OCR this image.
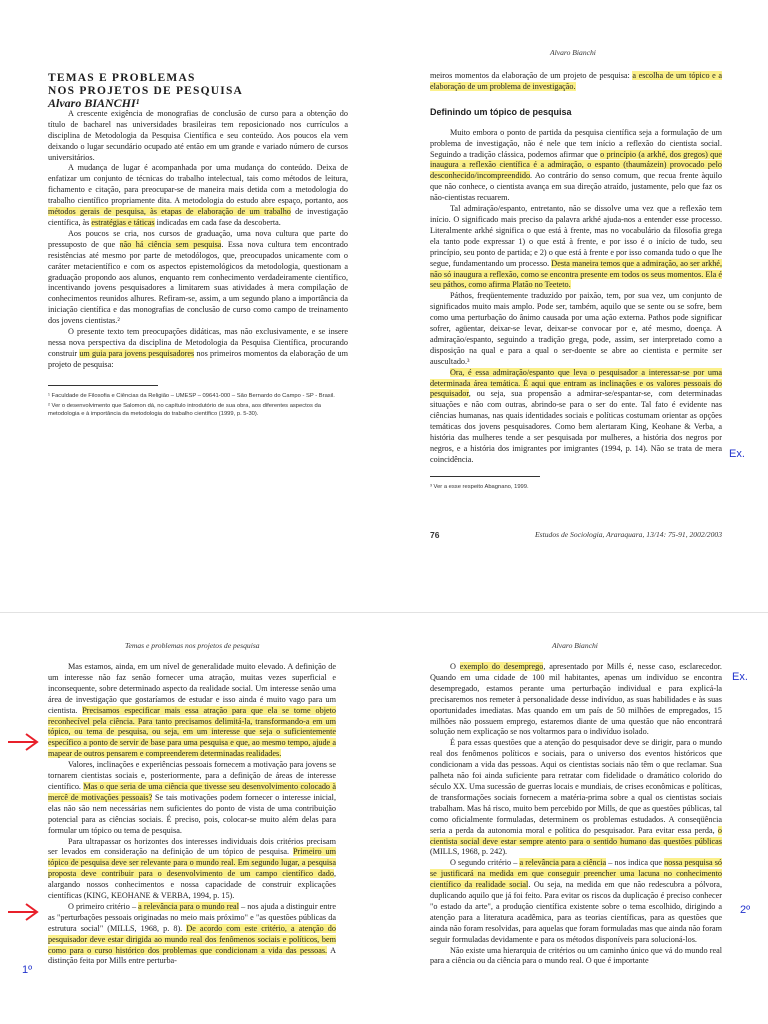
TEMAS E PROBLEMAS

NOS PROJETOS DE PESQUISA

Alvaro BIANCHI¹

A crescente exigência de monografias de conclusão de curso para a obtenção do título de bacharel nas universidades brasileiras tem reposicionado nos currículos a disciplina de Metodologia da Pesquisa Científica e seu conteúdo. Aos poucos ela vem deixando o lugar secundário ocupado até então em um grande e variado número de cursos universitários.

A mudança de lugar é acompanhada por uma mudança do conteúdo. Deixa de enfatizar um conjunto de técnicas do trabalho intelectual, tais como métodos de leitura, fichamento e citação, para preocupar-se de maneira mais detida com a metodologia do trabalho científico propriamente dita. A metodologia do estudo abre espaço, portanto, aos métodos gerais de pesquisa, às etapas de elaboração de um trabalho de investigação científica, às estratégias e táticas indicadas em cada fase da descoberta.

Aos poucos se cria, nos cursos de graduação, uma nova cultura que parte do pressuposto de que não há ciência sem pesquisa. Essa nova cultura tem encontrado resistências até mesmo por parte de metodólogos, que, preocupados unicamente com o caráter metacientífico e com os aspectos epistemológicos da metodologia, questionam a graduação propondo aos alunos, enquanto rem conhecimento verdadeiramente científico, incentivando jovens pesquisadores a limitarem suas atividades à mera compilação de conhecimentos reunidos alhures. Refiram-se, assim, a um segundo plano a importância da iniciação científica e das monografias de conclusão de curso como campo de treinamento dos jovens cientistas.²

O presente texto tem preocupações didáticas, mas não exclusivamente, e se insere nessa nova perspectiva da disciplina de Metodologia da Pesquisa Científica, procurando construir um guia para jovens pesquisadores nos primeiros momentos da elaboração de um projeto de pesquisa:

¹ Faculdade de Filosofia e Ciências da Religião – UMESP – 09641-000 – São Bernardo do Campo - SP - Brasil.

² Ver o desenvolvimento que Salomon dá, no capítulo introdutório de sua obra, aos diferentes aspectos da metodologia e à importância da metodologia do trabalho científico (1999, p. 5-30).

Alvaro Bianchi

meiros momentos da elaboração de um projeto de pesquisa: a escolha de um tópico e a elaboração de um problema de investigação.

Definindo um tópico de pesquisa

Muito embora o ponto de partida da pesquisa científica seja a formulação de um problema de investigação, não é nele que tem início a reflexão do cientista social. Seguindo a tradição clássica, podemos afirmar que o princípio (a arkhé, dos gregos) que inaugura a reflexão científica é a admiração, o espanto (thaumázein) provocado pelo desconhecido/incompreendido. Ao contrário do senso comum, que recua frente àquilo que não conhece, o cientista avança em sua direção atraído, justamente, pelo que faz os não-cientistas recuarem.

Tal admiração/espanto, entretanto, não se dissolve uma vez que a reflexão tem início. O significado mais preciso da palavra arkhé ajuda-nos a entender esse processo. Literalmente arkhé significa o que está à frente, mas no vocabulário da filosofia grega ela tanto pode expressar 1) o que está à frente, e por isso é o início de tudo, seu princípio, seu ponto de partida; e 2) o que está à frente e por isso comanda tudo o que lhe segue, fundamentando um processo. Desta maneira temos que a admiração, ao ser arkhé, não só inaugura a reflexão, como se encontra presente em todos os seus momentos. Ela é seu páthos, como afirma Platão no Teeteto.

Páthos, freqüentemente traduzido por paixão, tem, por sua vez, um conjunto de significados muito mais amplo. Pode ser, também, aquilo que se sente ou se sofre, bem como uma perturbação do ânimo causada por uma ação externa. Pathos pode significar sofrer, agüentar, deixar-se levar, deixar-se convocar por e, até mesmo, doença. A admiração/espanto, seguindo a tradição grega, pode, assim, ser interpretado como a disposição na qual e para a qual o ser-doente se abre ao cientista e permite ser auscultado.³

Ora, é essa admiração/espanto que leva o pesquisador a interessar-se por uma determinada área temática. É aqui que entram as inclinações e os valores pessoais do pesquisador, ou seja, sua propensão a admirar-se/espantar-se, com determinadas situações e não com outras, abrindo-se para o ser do ente. Tal fato é evidente nas ciências humanas, nas quais identidades sociais e políticas costumam orientar as opções temáticas dos jovens pesquisadores. Como bem alertaram King, Keohane & Verba, a história das mulheres tende a ser pesquisada por mulheres, a história dos negros por negros, e a história dos imigrantes por imigrantes (1994, p. 14). Não se trata de mera coincidência.

³ Ver a esse respeito Abagnano, 1999.

76	Estudos de Sociologia, Araraquara, 13/14: 75-91, 2002/2003
Ex.
Temas e problemas nos projetos de pesquisa

Mas estamos, ainda, em um nível de generalidade muito elevado. A definição de um interesse não faz senão fornecer uma atração, muitas vezes superficial e inconsequente, sobre determinado aspecto da realidade social. Um interesse senão uma área de investigação que gostaríamos de estudar e isso ainda é muito vago para um cientista. Precisamos especificar mais essa atração para que ela se torne objeto reconhecível pela ciência. Para tanto precisamos delimitá-la, transformando-a em um tópico, ou tema de pesquisa, ou seja, em um interesse que seja o suficientemente específico a ponto de servir de base para uma pesquisa e que, ao mesmo tempo, ajude a mapear de outros pensarem e compreenderem determinadas realidades.

Valores, inclinações e experiências pessoais fornecem a motivação para jovens se tornarem cientistas sociais e, posteriormente, para a definição de áreas de interesse científico. Mas o que seria de uma ciência que tivesse seu desenvolvimento colocado à mercê de motivações pessoais? Se tais motivações podem fornecer o interesse inicial, elas não são nem necessárias nem suficientes do ponto de vista de uma contribuição potencial para as ciências sociais. É preciso, pois, colocar-se muito além delas para formular um tópico ou tema de pesquisa.

Para ultrapassar os horizontes dos interesses individuais dois critérios precisam ser levados em consideração na definição de um tópico de pesquisa. Primeiro um tópico de pesquisa deve ser relevante para o mundo real. Em segundo lugar, a pesquisa proposta deve contribuir para o desenvolvimento de um campo científico dado, alargando nossos conhecimentos e nossa capacidade de construir explicações científicas (KING, KEOHANE & VERBA, 1994, p. 15).

O primeiro critério – a relevância para o mundo real – nos ajuda a distinguir entre as "perturbações pessoais originadas no meio mais próximo" e "as questões públicas da estrutura social" (MILLS, 1968, p. 8). De acordo com este critério, a atenção do pesquisador deve estar dirigida ao mundo real dos fenômenos sociais e políticos, bem como para o curso histórico dos problemas que condicionam a vida das pessoas. A distinção feita por Mills entre perturba-

1º
Alvaro Bianchi

O exemplo do desemprego, apresentado por Mills é, nesse caso, esclarecedor. Quando em uma cidade de 100 mil habitantes, apenas um indivíduo se encontra desempregado, estamos perante uma perturbação individual e para explicá-la precisaremos nos remeter à personalidade desse indivíduo, as suas habilidades e às suas oportunidades imediatas. Mas quando em um país de 50 milhões de empregados, 15 milhões não possuem emprego, estaremos diante de uma questão que não encontrará solução nem explicação se nos voltarmos para o indivíduo isolado.

É para essas questões que a atenção do pesquisador deve se dirigir, para o mundo real dos fenômenos políticos e sociais, para o universo dos eventos históricos que condicionam a vida das pessoas. Aqui os cientistas sociais não têm o que reclamar. Sua palheta não foi ainda suficiente para retratar com fidelidade o dramático colorido do século XX. Uma sucessão de guerras locais e mundiais, de crises econômicas e políticas, de transformações sociais fornecem a matéria-prima sobre a qual os cientistas sociais trabalham. Mas há risco, muito bem percebido por Mills, de que as questões públicas, tal como oficialmente formuladas, determinem os problemas estudados. A conseqüência seria a perda da autonomia moral e política do pesquisador. Para evitar essa perda, o cientista social deve estar sempre atento para o sentido humano das questões públicas (MILLS, 1968, p. 242).

O segundo critério – a relevância para a ciência – nos indica que nossa pesquisa só se justificará na medida em que conseguir preencher uma lacuna no conhecimento científico da realidade social. Ou seja, na medida em que não redescubra a pólvora, duplicando aquilo que já foi feito. Para evitar os riscos da duplicação é preciso conhecer "o estado da arte", a produção científica existente sobre o tema escolhido, dirigindo a atenção para a literatura acadêmica, para as teorias científicas, para as questões que ainda não foram resolvidas, para aquelas que foram formuladas mas que ainda não foram seguir formuladas devidamente e para os métodos disponíveis para solucioná-los.

Não existe uma hierarquia de critérios ou um caminho único que vá do mundo real para a ciência ou da ciência para o mundo real. O que é importante

Ex.
2º
